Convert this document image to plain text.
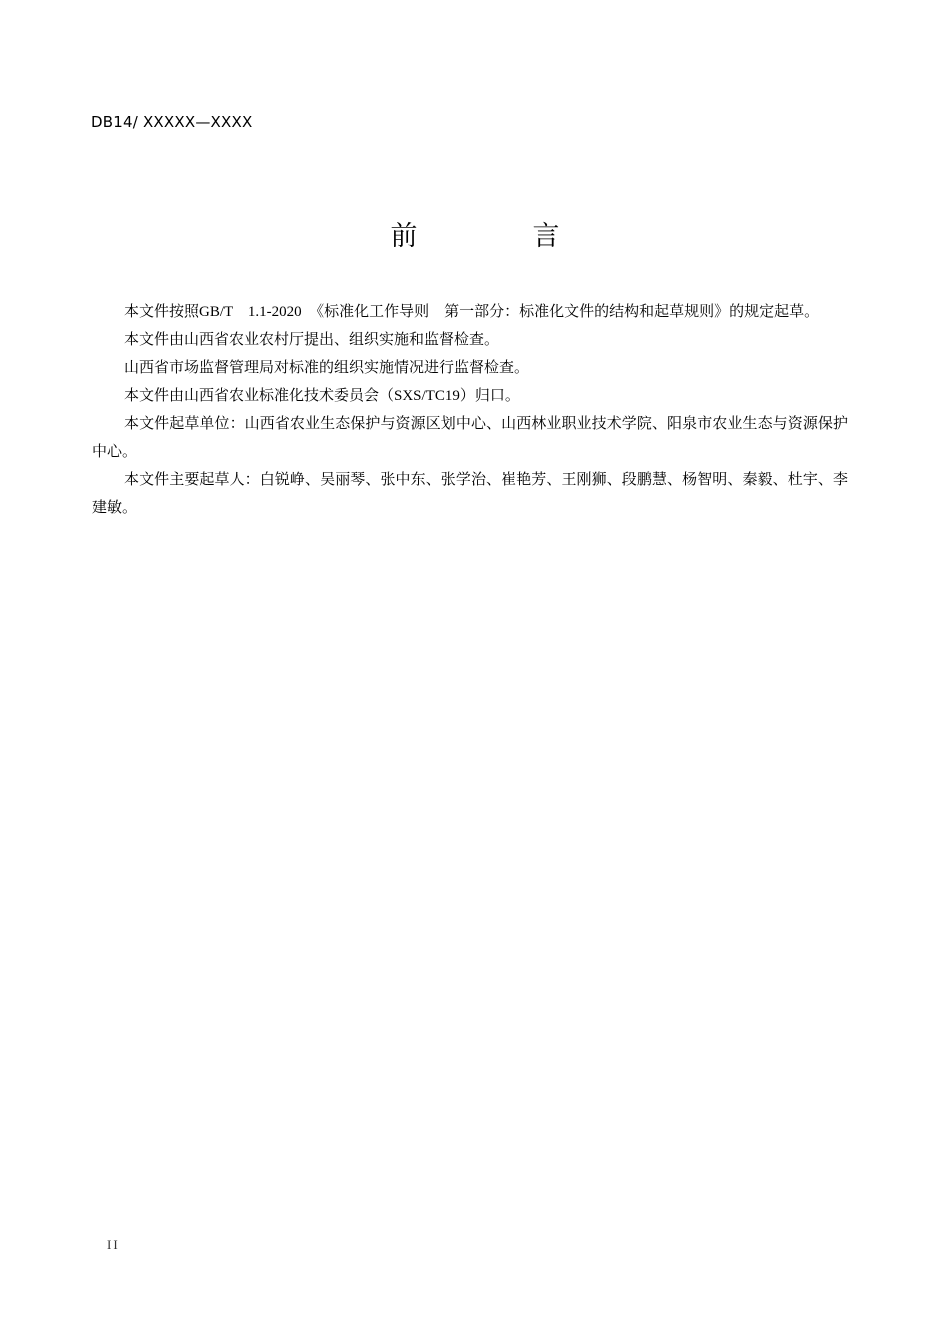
DB14/ XXXXX—XXXX
前　言

本文件按照GB/T　1.1-2020　《标准化工作导则　第一部分：标准化文件的结构和起草规则》的规定起草。

本文件由山西省农业农村厅提出、组织实施和监督检查。

山西省市场监督管理局对标准的组织实施情况进行监督检查。

本文件由山西省农业标准化技术委员会（SXS/TC19）归口。

本文件起草单位：山西省农业生态保护与资源区划中心、山西林业职业技术学院、阳泉市农业生态与资源保护中心。

本文件主要起草人：白锐峥、吴丽琴、张中东、张学治、崔艳芳、王刚狮、段鹏慧、杨智明、秦毅、杜宇、李建敏。

II
